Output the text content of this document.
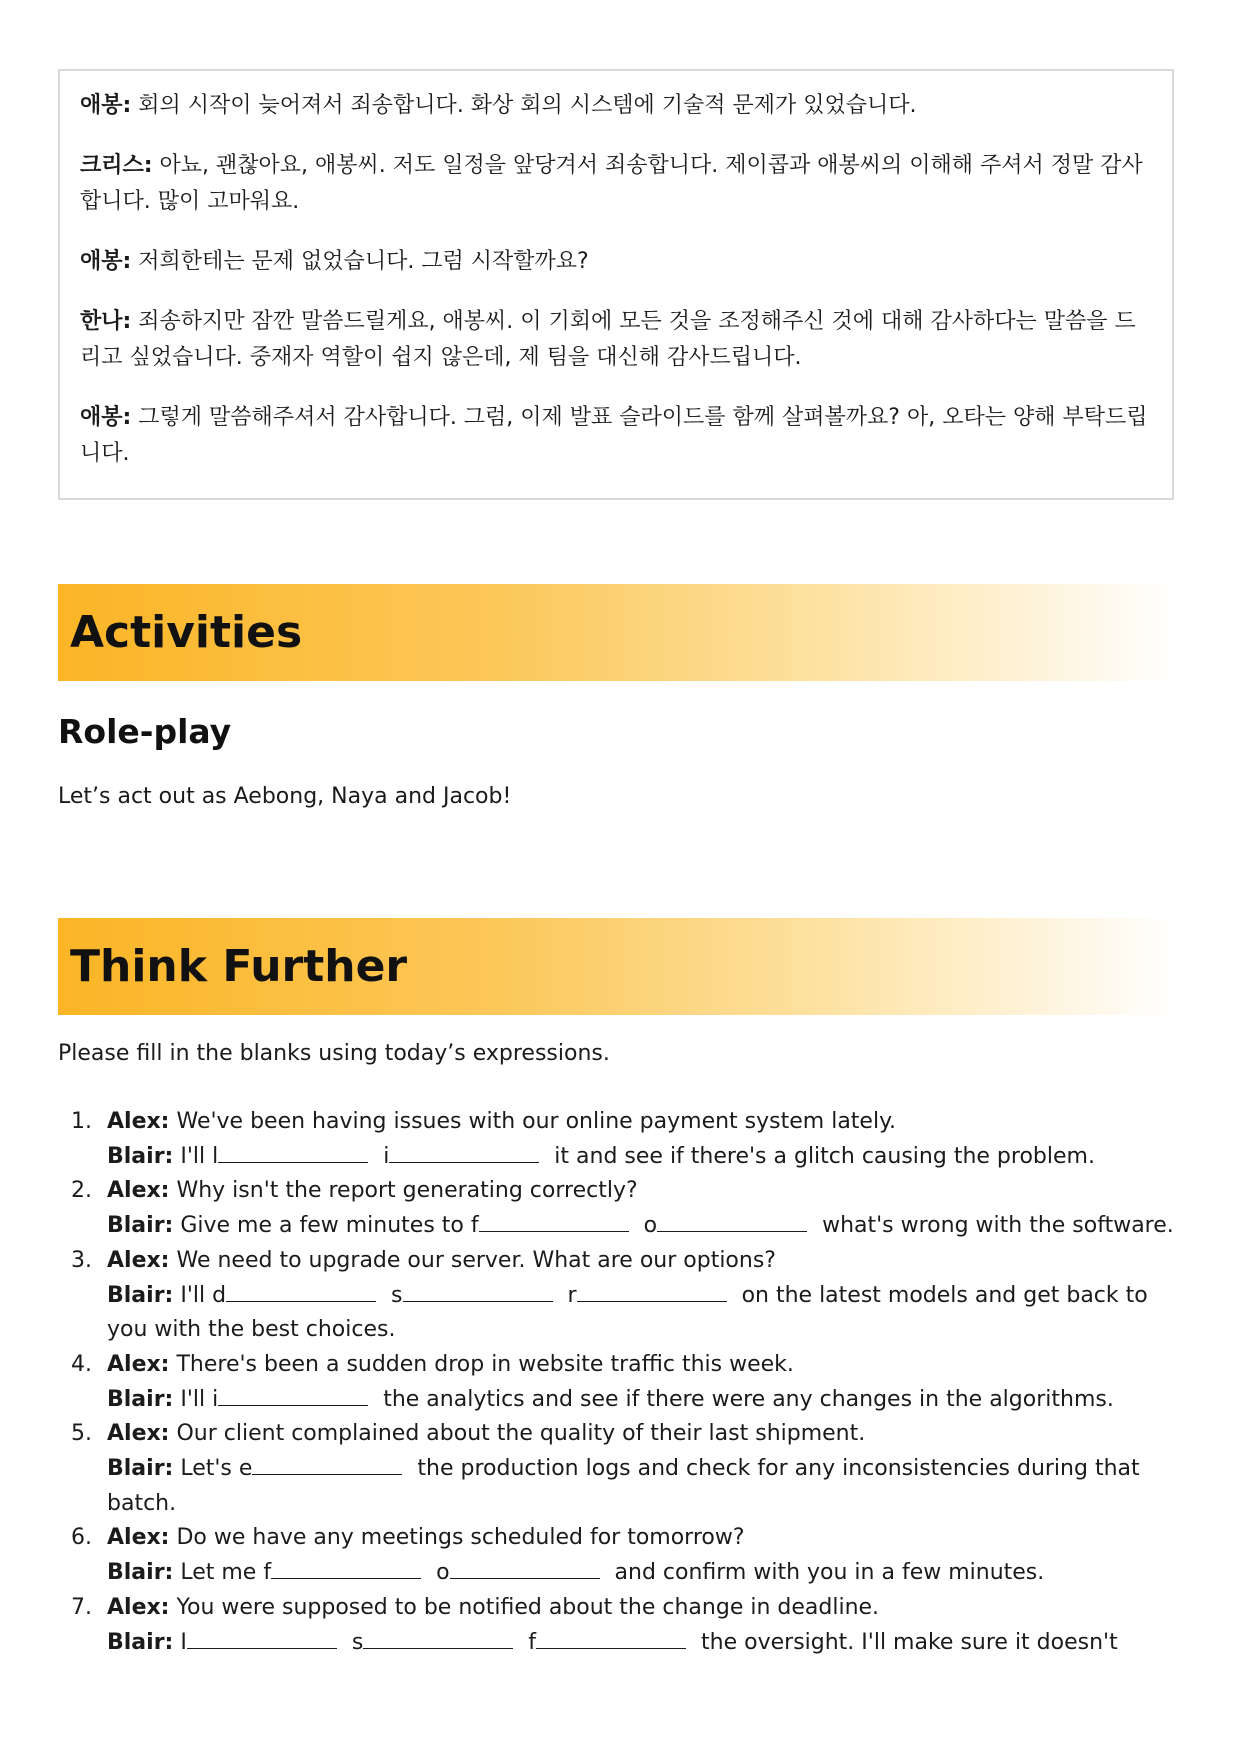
애봉: 회의 시작이 늦어져서 죄송합니다. 화상 회의 시스템에 기술적 문제가 있었습니다.

크리스: 아뇨, 괜찮아요, 애봉씨. 저도 일정을 앞당겨서 죄송합니다. 제이콥과 애봉씨의 이해해 주셔서 정말 감사합니다. 많이 고마워요.

애봉: 저희한테는 문제 없었습니다. 그럼 시작할까요?

한나: 죄송하지만 잠깐 말씀드릴게요, 애봉씨. 이 기회에 모든 것을 조정해주신 것에 대해 감사하다는 말씀을 드리고 싶었습니다. 중재자 역할이 쉽지 않은데, 제 팀을 대신해 감사드립니다.

애봉: 그렇게 말씀해주셔서 감사합니다. 그럼, 이제 발표 슬라이드를 함께 살펴볼까요? 아, 오타는 양해 부탁드립니다.

Activities
Role-play
Let’s act out as Aebong, Naya and Jacob!
Think Further
Please fill in the blanks using today’s expressions.
1. Alex: We've been having issues with our online payment system lately.
Blair: I'll l	i	it and see if there's a glitch causing the problem.
2. Alex: Why isn't the report generating correctly?
Blair: Give me a few minutes to f	o	what's wrong with the software.
3. Alex: We need to upgrade our server. What are our options?
Blair: I'll d	s	r	on the latest models and get back to you with the best choices.
4. Alex: There's been a sudden drop in website traffic this week.
Blair: I'll i	the analytics and see if there were any changes in the algorithms.
5. Alex: Our client complained about the quality of their last shipment.
Blair: Let's e	the production logs and check for any inconsistencies during that batch.
6. Alex: Do we have any meetings scheduled for tomorrow?
Blair: Let me f	o	and confirm with you in a few minutes.
7. Alex: You were supposed to be notified about the change in deadline.
Blair: I	s	f	the oversight. I'll make sure it doesn't
